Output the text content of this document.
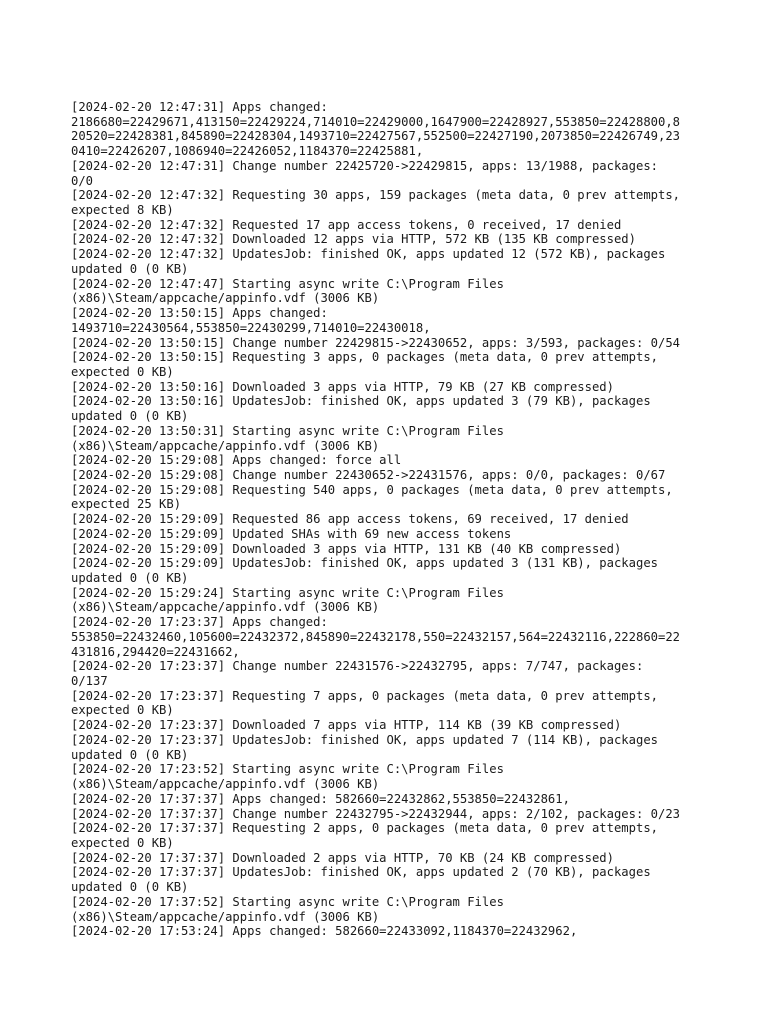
[2024-02-20 12:47:31] Apps changed:
2186680=22429671,413150=22429224,714010=22429000,1647900=22428927,553850=22428800,8
20520=22428381,845890=22428304,1493710=22427567,552500=22427190,2073850=22426749,23
0410=22426207,1086940=22426052,1184370=22425881,
[2024-02-20 12:47:31] Change number 22425720->22429815, apps: 13/1988, packages:
0/0
[2024-02-20 12:47:32] Requesting 30 apps, 159 packages (meta data, 0 prev attempts,
expected 8 KB)
[2024-02-20 12:47:32] Requested 17 app access tokens, 0 received, 17 denied
[2024-02-20 12:47:32] Downloaded 12 apps via HTTP, 572 KB (135 KB compressed)
[2024-02-20 12:47:32] UpdatesJob: finished OK, apps updated 12 (572 KB), packages
updated 0 (0 KB)
[2024-02-20 12:47:47] Starting async write C:\Program Files
(x86)\Steam/appcache/appinfo.vdf (3006 KB)
[2024-02-20 13:50:15] Apps changed:
1493710=22430564,553850=22430299,714010=22430018,
[2024-02-20 13:50:15] Change number 22429815->22430652, apps: 3/593, packages: 0/54
[2024-02-20 13:50:15] Requesting 3 apps, 0 packages (meta data, 0 prev attempts,
expected 0 KB)
[2024-02-20 13:50:16] Downloaded 3 apps via HTTP, 79 KB (27 KB compressed)
[2024-02-20 13:50:16] UpdatesJob: finished OK, apps updated 3 (79 KB), packages
updated 0 (0 KB)
[2024-02-20 13:50:31] Starting async write C:\Program Files
(x86)\Steam/appcache/appinfo.vdf (3006 KB)
[2024-02-20 15:29:08] Apps changed: force all
[2024-02-20 15:29:08] Change number 22430652->22431576, apps: 0/0, packages: 0/67
[2024-02-20 15:29:08] Requesting 540 apps, 0 packages (meta data, 0 prev attempts,
expected 25 KB)
[2024-02-20 15:29:09] Requested 86 app access tokens, 69 received, 17 denied
[2024-02-20 15:29:09] Updated SHAs with 69 new access tokens
[2024-02-20 15:29:09] Downloaded 3 apps via HTTP, 131 KB (40 KB compressed)
[2024-02-20 15:29:09] UpdatesJob: finished OK, apps updated 3 (131 KB), packages
updated 0 (0 KB)
[2024-02-20 15:29:24] Starting async write C:\Program Files
(x86)\Steam/appcache/appinfo.vdf (3006 KB)
[2024-02-20 17:23:37] Apps changed:
553850=22432460,105600=22432372,845890=22432178,550=22432157,564=22432116,222860=22
431816,294420=22431662,
[2024-02-20 17:23:37] Change number 22431576->22432795, apps: 7/747, packages:
0/137
[2024-02-20 17:23:37] Requesting 7 apps, 0 packages (meta data, 0 prev attempts,
expected 0 KB)
[2024-02-20 17:23:37] Downloaded 7 apps via HTTP, 114 KB (39 KB compressed)
[2024-02-20 17:23:37] UpdatesJob: finished OK, apps updated 7 (114 KB), packages
updated 0 (0 KB)
[2024-02-20 17:23:52] Starting async write C:\Program Files
(x86)\Steam/appcache/appinfo.vdf (3006 KB)
[2024-02-20 17:37:37] Apps changed: 582660=22432862,553850=22432861,
[2024-02-20 17:37:37] Change number 22432795->22432944, apps: 2/102, packages: 0/23
[2024-02-20 17:37:37] Requesting 2 apps, 0 packages (meta data, 0 prev attempts,
expected 0 KB)
[2024-02-20 17:37:37] Downloaded 2 apps via HTTP, 70 KB (24 KB compressed)
[2024-02-20 17:37:37] UpdatesJob: finished OK, apps updated 2 (70 KB), packages
updated 0 (0 KB)
[2024-02-20 17:37:52] Starting async write C:\Program Files
(x86)\Steam/appcache/appinfo.vdf (3006 KB)
[2024-02-20 17:53:24] Apps changed: 582660=22433092,1184370=22432962,
